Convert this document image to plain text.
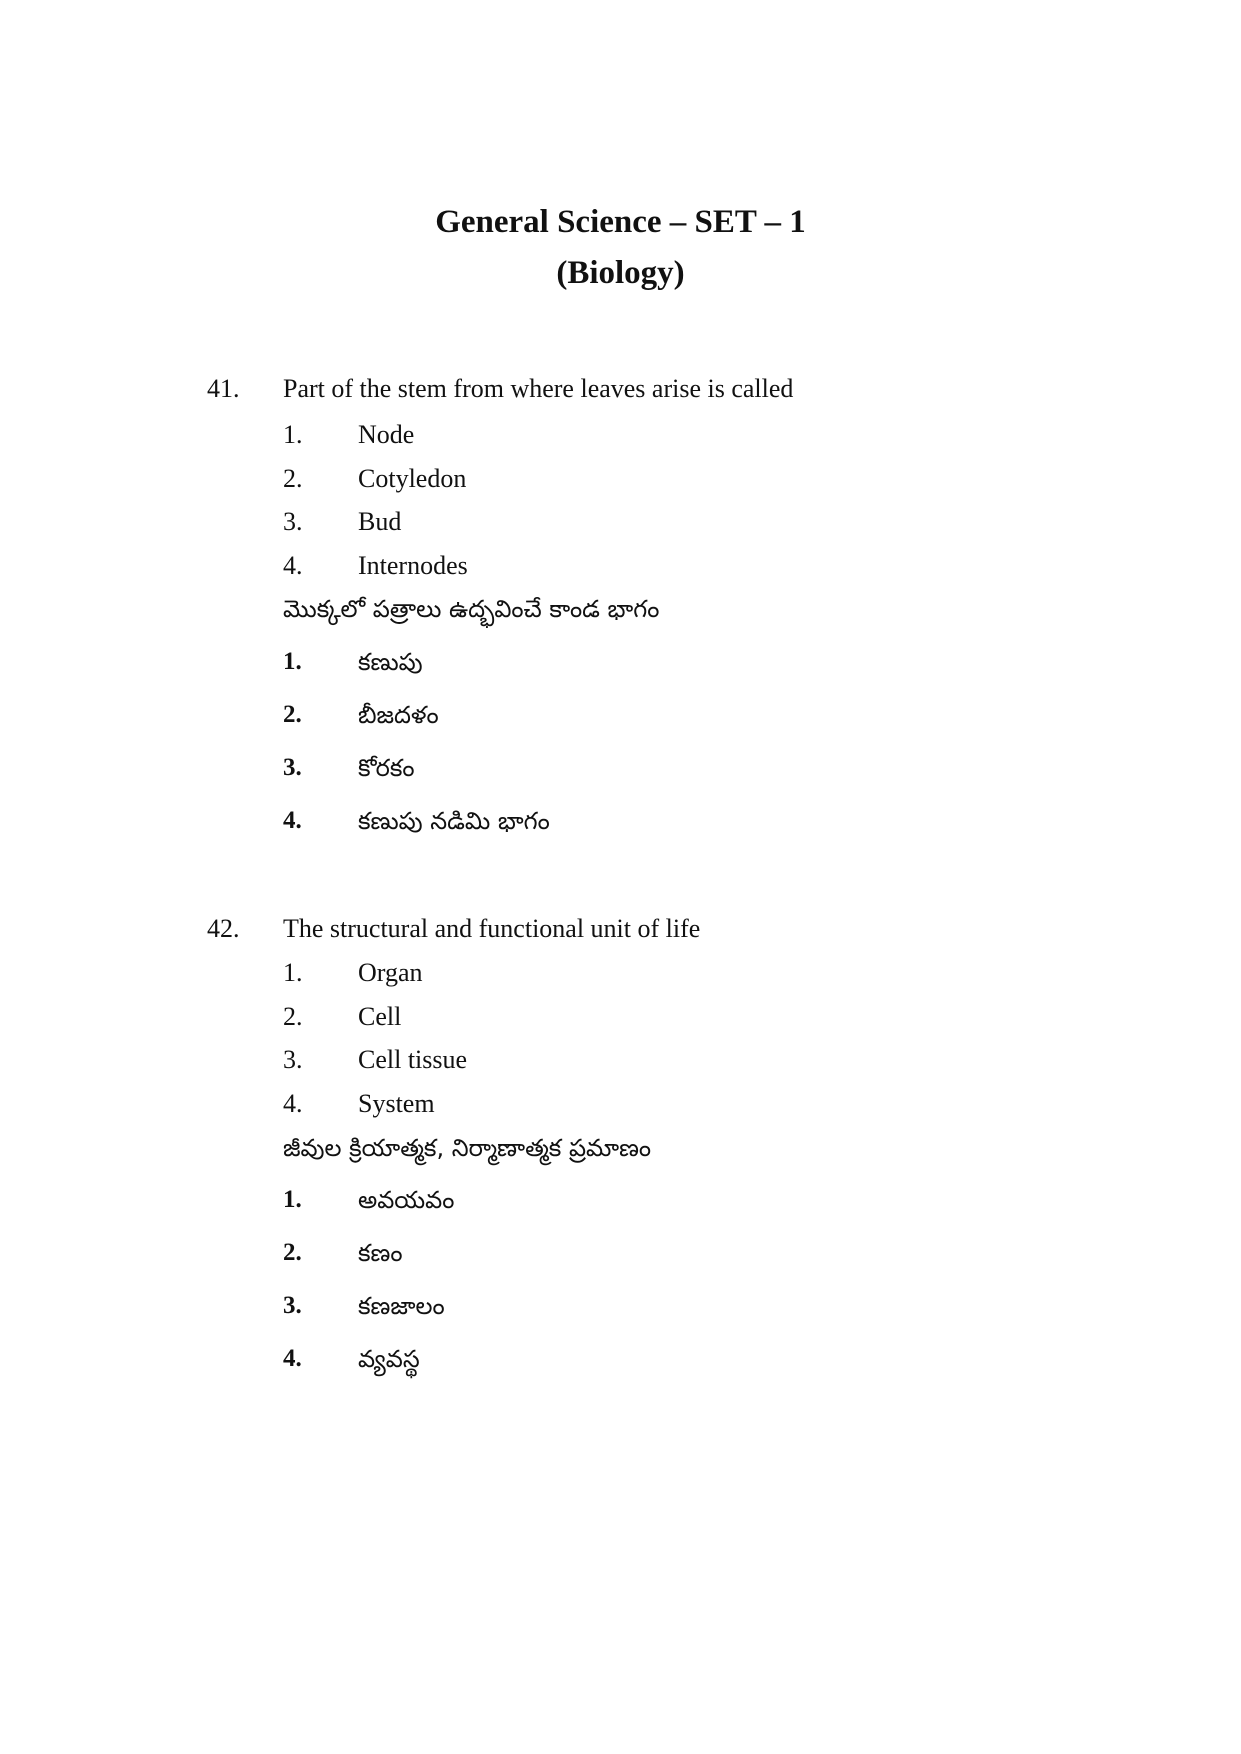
General Science – SET – 1
(Biology)
41. Part of the stem from where leaves arise is called
1. Node
2. Cotyledon
3. Bud
4. Internodes
మొక్కలో పత్రాలు ఉద్భవించే కాండ భాగం
1. కణుపు
2. బీజదళం
3. కోరకం
4. కణుపు నడిమి భాగం
42. The structural and functional unit of life
1. Organ
2. Cell
3. Cell tissue
4. System
జీవుల క్రియాత్మక, నిర్మాణాత్మక ప్రమాణం
1. అవయవం
2. కణం
3. కణజాలం
4. వ్యవస్థ
